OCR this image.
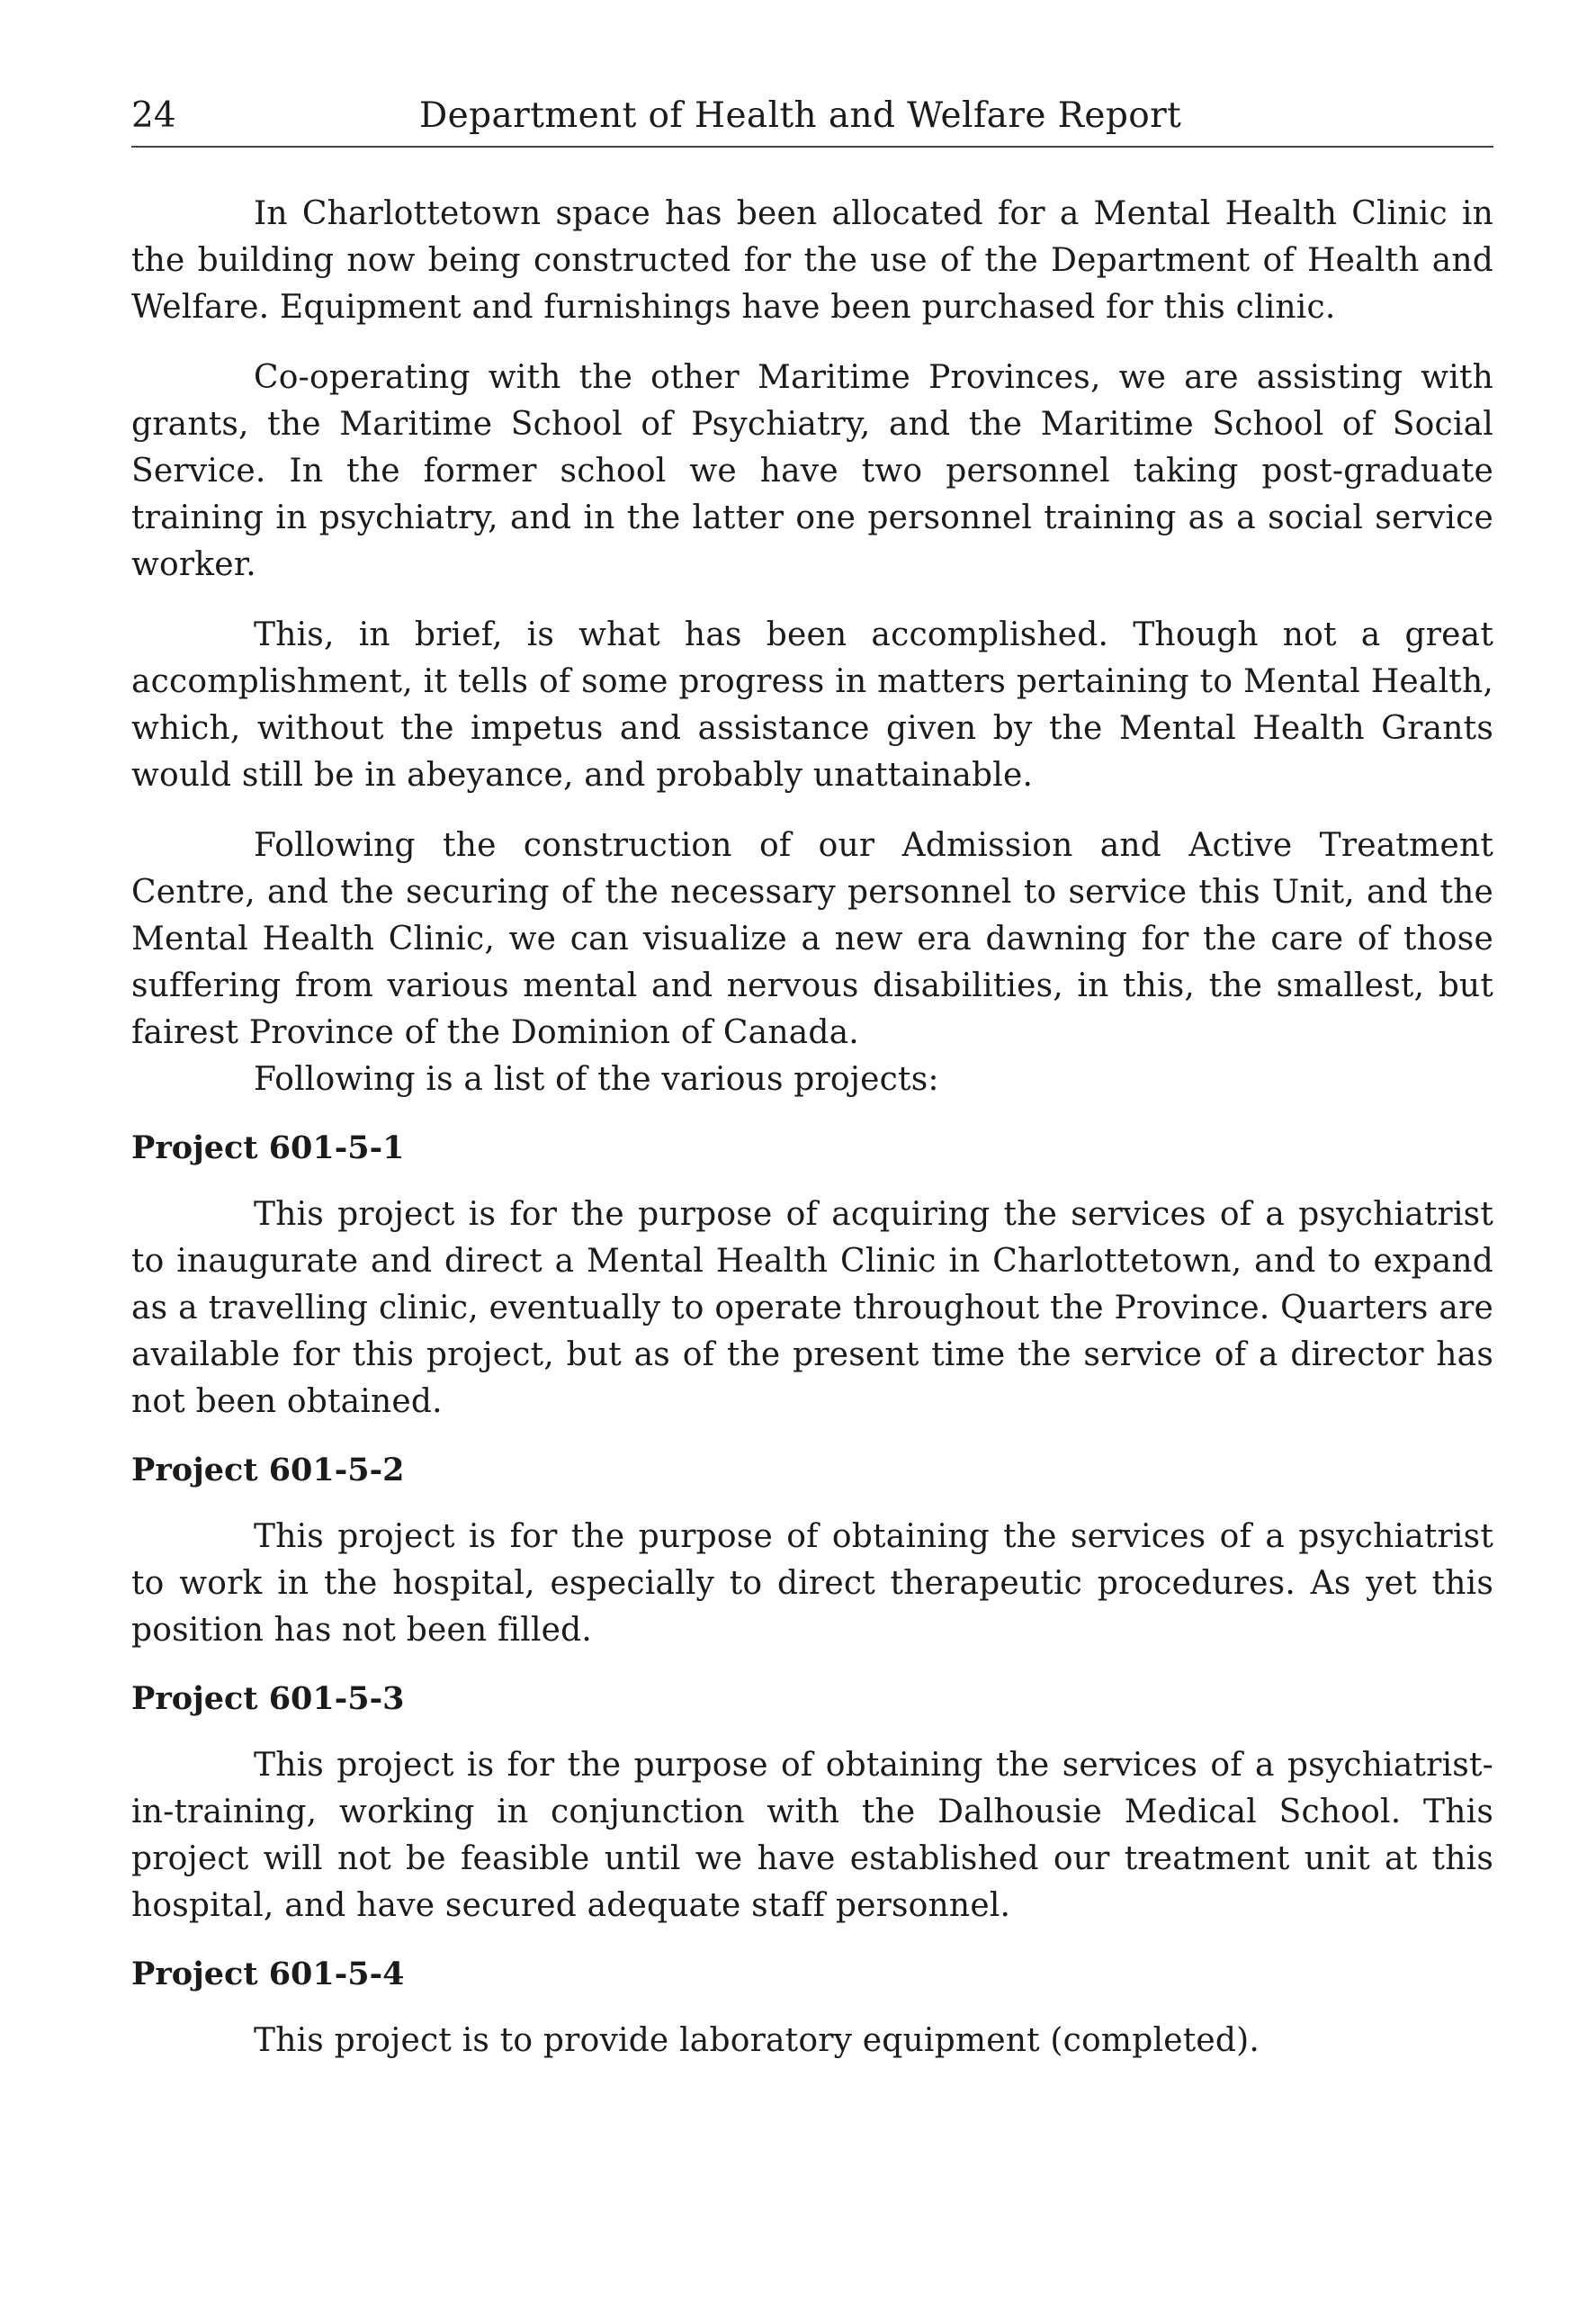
24	Department of Health and Welfare Report

In Charlottetown space has been allocated for a Mental Health Clinic in the building now being constructed for the use of the Department of Health and Welfare. Equipment and furnishings have been purchased for this clinic.

Co-operating with the other Maritime Provinces, we are assisting with grants, the Maritime School of Psychiatry, and the Maritime School of Social Service. In the former school we have two personnel taking post-graduate training in psychiatry, and in the latter one personnel training as a social service worker.

This, in brief, is what has been accomplished. Though not a great accomplishment, it tells of some progress in matters pertaining to Mental Health, which, without the impetus and assistance given by the Mental Health Grants would still be in abeyance, and probably unattainable.

Following the construction of our Admission and Active Treatment Centre, and the securing of the necessary personnel to service this Unit, and the Mental Health Clinic, we can visualize a new era dawning for the care of those suffering from various mental and nervous disabilities, in this, the smallest, but fairest Province of the Dominion of Canada.

Following is a list of the various projects:

Project 601-5-1

This project is for the purpose of acquiring the services of a psychiatrist to inaugurate and direct a Mental Health Clinic in Charlottetown, and to expand as a travelling clinic, eventually to operate throughout the Province. Quarters are available for this project, but as of the present time the service of a director has not been obtained.

Project 601-5-2

This project is for the purpose of obtaining the services of a psychiatrist to work in the hospital, especially to direct therapeutic procedures. As yet this position has not been filled.

Project 601-5-3

This project is for the purpose of obtaining the services of a psychiatrist-in-training, working in conjunction with the Dalhousie Medical School. This project will not be feasible until we have established our treatment unit at this hospital, and have secured adequate staff personnel.

Project 601-5-4

This project is to provide laboratory equipment (completed).
